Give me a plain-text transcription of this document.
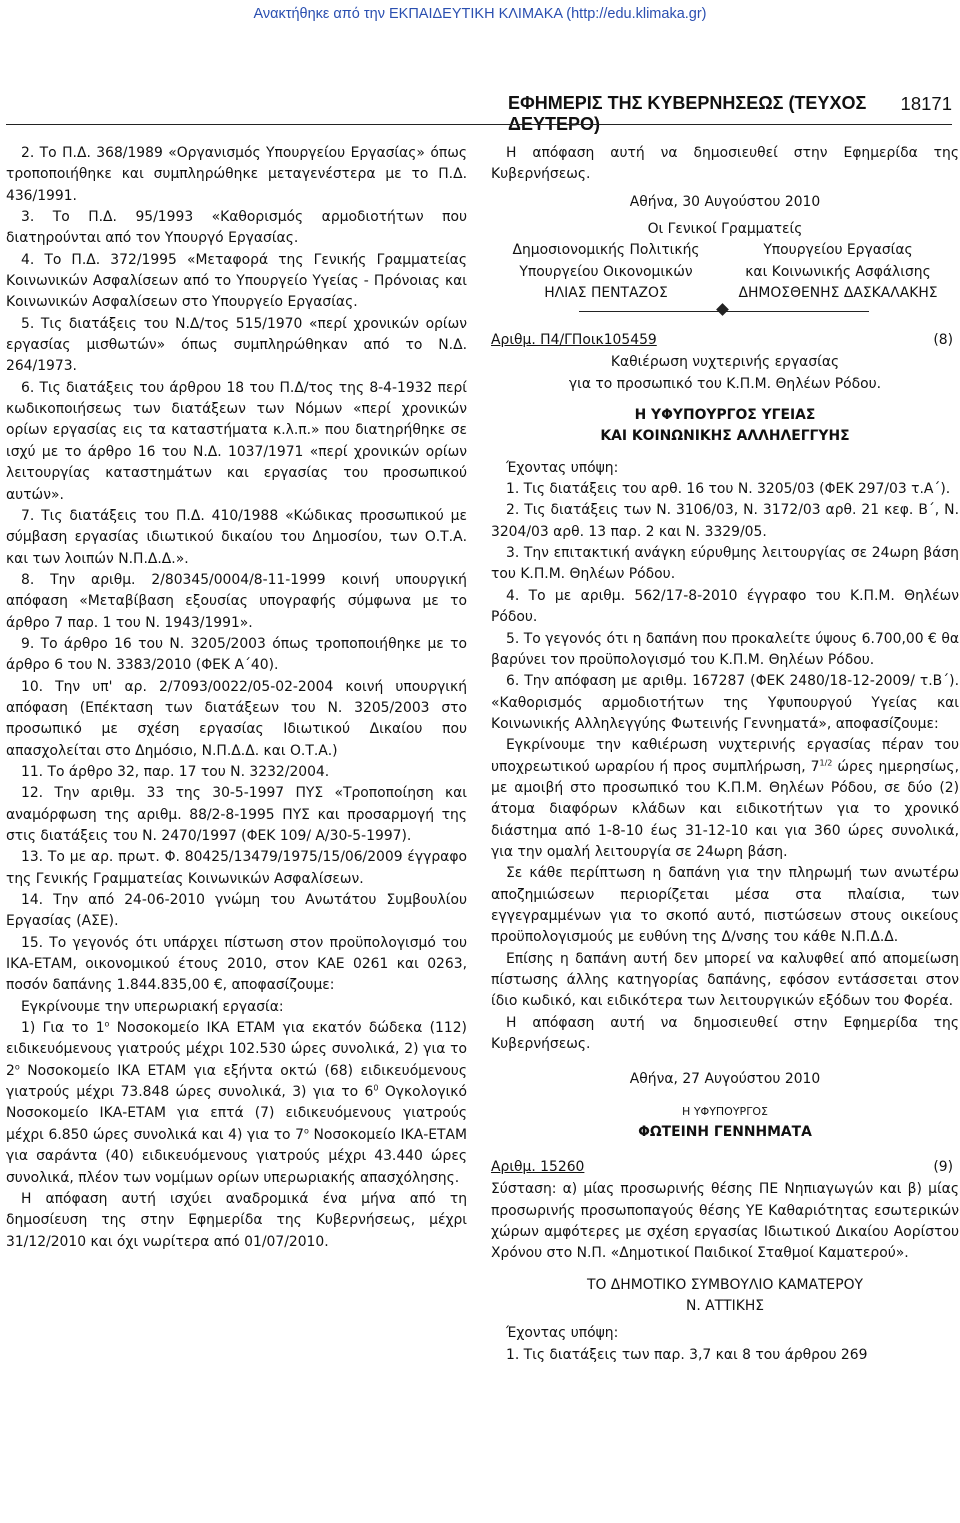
Ανακτήθηκε από την ΕΚΠΑΙΔΕΥΤΙΚΗ ΚΛΙΜΑΚΑ (http://edu.klimaka.gr)
ΕΦΗΜΕΡΙΣ ΤΗΣ ΚΥΒΕΡΝΗΣΕΩΣ (ΤΕΥΧΟΣ ΔΕΥΤΕΡΟ)
18171

2. Το Π.Δ. 368/1989 «Οργανισμός Υπουργείου Εργασίας» όπως τροποποιήθηκε και συμπληρώθηκε μεταγενέστερα με το Π.Δ. 436/1991.

3. Το Π.Δ. 95/1993 «Καθορισμός αρμοδιοτήτων που διατηρούνται από τον Υπουργό Εργασίας.

4. Το Π.Δ. 372/1995 «Μεταφορά της Γενικής Γραμματείας Κοινωνικών Ασφαλίσεων από το Υπουργείο Υγείας - Πρόνοιας και Κοινωνικών Ασφαλίσεων στο Υπουργείο Εργασίας.

5. Τις διατάξεις του Ν.Δ/τος 515/1970 «περί χρονικών ορίων εργασίας μισθωτών» όπως συμπληρώθηκαν από το Ν.Δ. 264/1973.

6. Τις διατάξεις του άρθρου 18 του Π.Δ/τος της 8-4-1932 περί κωδικοποιήσεως των διατάξεων των Νόμων «περί χρονικών ορίων εργασίας εις τα καταστήματα κ.λ.π.» που διατηρήθηκε σε ισχύ με το άρθρο 16 του Ν.Δ. 1037/1971 «περί χρονικών ορίων λειτουργίας καταστημάτων και εργασίας του προσωπικού αυτών».

7. Τις διατάξεις του Π.Δ. 410/1988 «Κώδικας προσωπικού με σύμβαση εργασίας ιδιωτικού δικαίου του Δημοσίου, των Ο.Τ.Α. και των λοιπών Ν.Π.Δ.Δ.».

8. Την αριθμ. 2/80345/0004/8-11-1999 κοινή υπουργική απόφαση «Μεταβίβαση εξουσίας υπογραφής σύμφωνα με το άρθρο 7 παρ. 1 του Ν. 1943/1991».

9. Το άρθρο 16 του Ν. 3205/2003 όπως τροποποιήθηκε με το άρθρο 6 του Ν. 3383/2010 (ΦΕΚ Α΄40).

10. Την υπ' αρ. 2/7093/0022/05-02-2004 κοινή υπουργική απόφαση (Επέκταση των διατάξεων του Ν. 3205/2003 στο προσωπικό με σχέση εργασίας Ιδιωτικού Δικαίου που απασχολείται στο Δημόσιο, Ν.Π.Δ.Δ. και Ο.Τ.Α.)

11. Το άρθρο 32, παρ. 17 του Ν. 3232/2004.

12. Την αριθμ. 33 της 30-5-1997 ΠΥΣ «Τροποποίηση και αναμόρφωση της αριθμ. 88/2-8-1995 ΠΥΣ και προσαρμογή της στις διατάξεις του Ν. 2470/1997 (ΦΕΚ 109/ Α/30-5-1997).

13. Το με αρ. πρωτ. Φ. 80425/13479/1975/15/06/2009 έγγραφο της Γενικής Γραμματείας Κοινωνικών Ασφαλίσεων.

14. Την από 24-06-2010 γνώμη του Ανωτάτου Συμβουλίου Εργασίας (ΑΣΕ).

15. Το γεγονός ότι υπάρχει πίστωση στον προϋπολογισμό του ΙΚΑ-ΕΤΑΜ, οικονομικού έτους 2010, στον ΚΑΕ 0261 και 0263, ποσόν δαπάνης 1.844.835,00 €, αποφασίζουμε:

Εγκρίνουμε την υπερωριακή εργασία:

1) Για το $1^o$ Νοσοκομείο ΙΚΑ ΕΤΑΜ για εκατόν δώδεκα (112) ειδικευόμενους γιατρούς μέχρι 102.530 ώρες συνολικά, 2) για το $2^o$ Νοσοκομείο ΙΚΑ ΕΤΑΜ για εξήντα οκτώ (68) ειδικευόμενους γιατρούς μέχρι 73.848 ώρες συνολικά, 3) για το $6^0$ Ογκολογικό Νοσοκομείο ΙΚΑ-ΕΤΑΜ για επτά (7) ειδικευόμενους γιατρούς μέχρι 6.850 ώρες συνολικά και 4) για το $7^o$ Νοσοκομείο ΙΚΑ-ΕΤΑΜ για σαράντα (40) ειδικευόμενους γιατρούς μέχρι 43.440 ώρες συνολικά, πλέον των νομίμων ορίων υπερωριακής απασχόλησης.

Η απόφαση αυτή ισχύει αναδρομικά ένα μήνα από τη δημοσίευση της στην Εφημερίδα της Κυβερνήσεως, μέχρι 31/12/2010 και όχι νωρίτερα από 01/07/2010.

Η απόφαση αυτή να δημοσιευθεί στην Εφημερίδα της Κυβερνήσεως.

Αθήνα, 30 Αυγούστου 2010

Οι Γενικοί Γραμματείς

Δημοσιονομικής Πολιτικής
Υπουργείου Οικονομικών
ΗΛΙΑΣ ΠΕΝΤΑΖΟΣ
Υπουργείου Εργασίας
και Κοινωνικής Ασφάλισης
ΔΗΜΟΣΘΕΝΗΣ ΔΑΣΚΑΛΑΚΗΣ
Αριθμ. Π4/ΓΠοικ105459	(8)

Καθιέρωση νυχτερινής εργασίας

για το προσωπικό του Κ.Π.Μ. Θηλέων Ρόδου.

Η ΥΦΥΠΟΥΡΓΟΣ ΥΓΕΙΑΣ

ΚΑΙ ΚΟΙΝΩΝΙΚΗΣ ΑΛΛΗΛΕΓΓΥΗΣ

Έχοντας υπόψη:

1. Τις διατάξεις του αρθ. 16 του Ν. 3205/03 (ΦΕΚ 297/03 τ.Α΄).

2. Τις διατάξεις των Ν. 3106/03, Ν. 3172/03 αρθ. 21 κεφ. Β΄, Ν. 3204/03 αρθ. 13 παρ. 2 και Ν. 3329/05.

3. Την επιτακτική ανάγκη εύρυθμης λειτουργίας σε 24ωρη βάση του Κ.Π.Μ. Θηλέων Ρόδου.

4. Το με αριθμ. 562/17-8-2010 έγγραφο του Κ.Π.Μ. Θηλέων Ρόδου.

5. Το γεγονός ότι η δαπάνη που προκαλείτε ύψους 6.700,00 € θα βαρύνει τον προϋπολογισμό του Κ.Π.Μ. Θηλέων Ρόδου.

6. Την απόφαση με αριθμ. 167287 (ΦΕΚ 2480/18-12-2009/ τ.Β΄). «Καθορισμός αρμοδιοτήτων της Υφυπουργού Υγείας και Κοινωνικής Αλληλεγγύης Φωτεινής Γεννηματά», αποφασίζουμε:

Εγκρίνουμε την καθιέρωση νυχτερινής εργασίας πέραν του υποχρεωτικού ωραρίου ή προς συμπλήρωση, $7^{1/2}$ ώρες ημερησίως, με αμοιβή στο προσωπικό του Κ.Π.Μ. Θηλέων Ρόδου, σε δύο (2) άτομα διαφόρων κλάδων και ειδικοτήτων για το χρονικό διάστημα από 1-8-10 έως 31-12-10 και για 360 ώρες συνολικά, για την ομαλή λειτουργία σε 24ωρη βάση.

Σε κάθε περίπτωση η δαπάνη για την πληρωμή των ανωτέρω αποζημιώσεων περιορίζεται μέσα στα πλαίσια, των εγγεγραμμένων για το σκοπό αυτό, πιστώσεων στους οικείους προϋπολογισμούς με ευθύνη της Δ/νσης του κάθε Ν.Π.Δ.Δ.

Επίσης η δαπάνη αυτή δεν μπορεί να καλυφθεί από απομείωση πίστωσης άλλης κατηγορίας δαπάνης, εφόσον εντάσσεται στον ίδιο κωδικό, και ειδικότερα των λειτουργικών εξόδων του Φορέα.

Η απόφαση αυτή να δημοσιευθεί στην Εφημερίδα της Κυβερνήσεως.

Αθήνα, 27 Αυγούστου 2010

Η ΥΦΥΠΟΥΡΓΟΣ

ΦΩΤΕΙΝΗ ΓΕΝΝΗΜΑΤΑ

Αριθμ. 15260	(9)

Σύσταση: α) μίας προσωρινής θέσης ΠΕ Νηπιαγωγών και β) μίας προσωρινής προσωποπαγούς θέσης ΥΕ Καθαριότητας εσωτερικών χώρων αμφότερες με σχέση εργασίας Ιδιωτικού Δικαίου Αορίστου Χρόνου στο Ν.Π. «Δημοτικοί Παιδικοί Σταθμοί Καματερού».

ΤΟ ΔΗΜΟΤΙΚΟ ΣΥΜΒΟΥΛΙΟ ΚΑΜΑΤΕΡΟΥ

Ν. ΑΤΤΙΚΗΣ

Έχοντας υπόψη:

1. Τις διατάξεις των παρ. 3,7 και 8 του άρθρου 269
